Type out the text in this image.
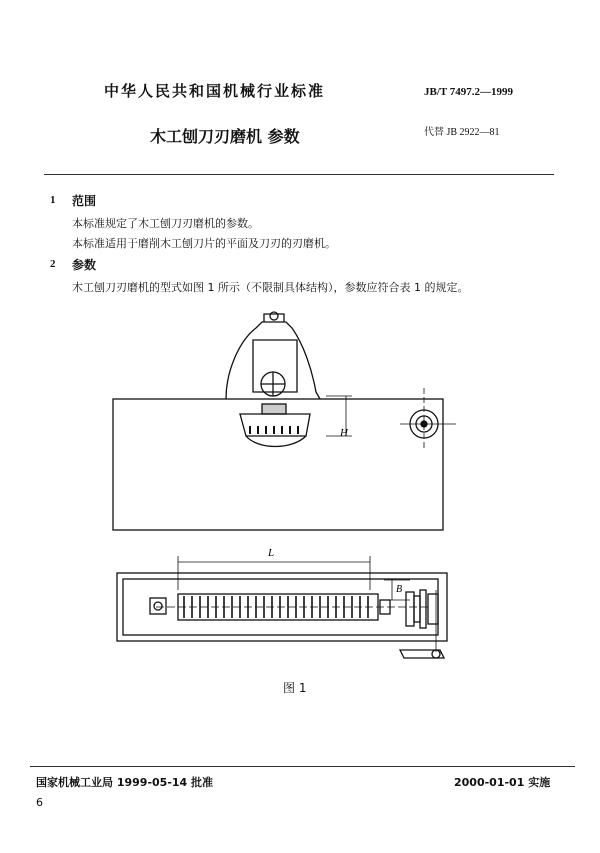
中华人民共和国机械行业标准	JB/T 7497.2—1999
木工刨刀刃磨机 参数	代替 JB 2922—81
1 范围
本标准规定了木工刨刀刃磨机的参数。
本标准适用于磨削木工刨刀片的平面及刀刃的刃磨机。
2 参数
木工刨刀刃磨机的型式如图 1 所示（不限制具体结构），参数应符合表 1 的规定。
L
H
B
图 1
国家机械工业局 1999-05-14 批准	2000-01-01 实施
6
